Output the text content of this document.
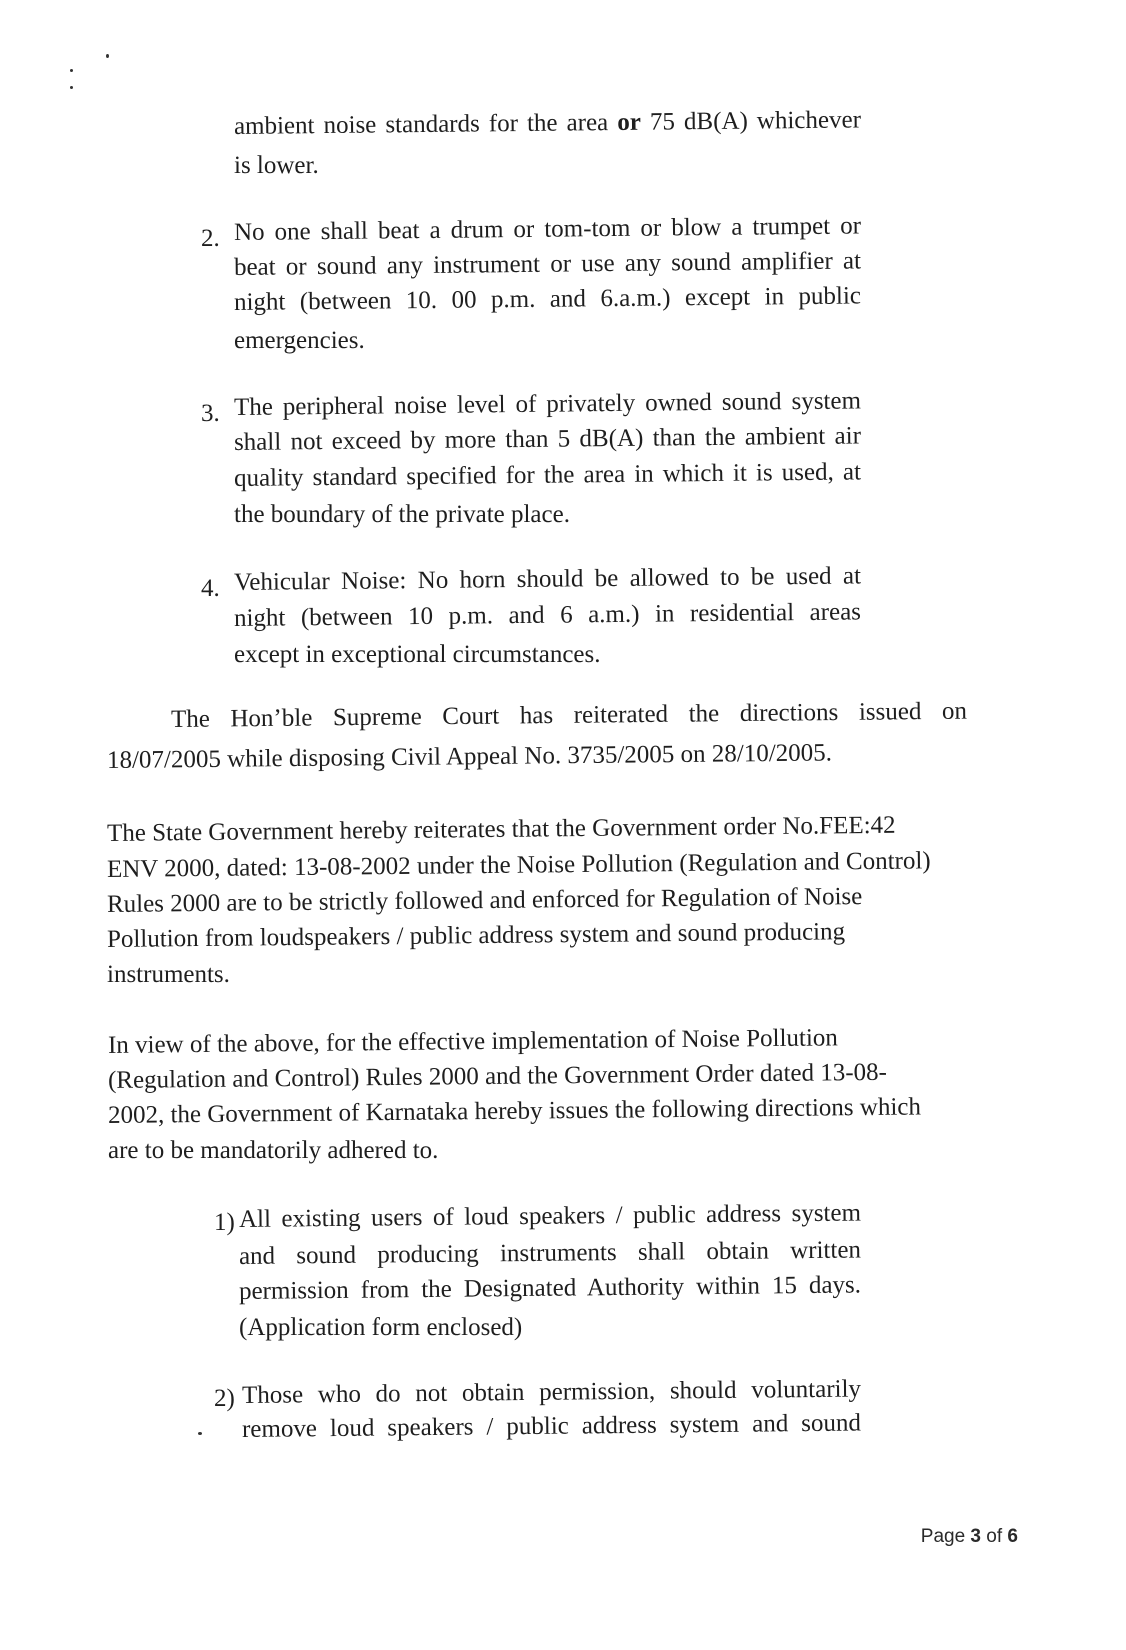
ambient noise standards for the area or 75 dB(A) whichever
is lower.
2. No one shall beat a drum or tom-tom or blow a trumpet or
beat or sound any instrument or use any sound amplifier at
night (between 10. 00 p.m. and 6.a.m.) except in public
emergencies.
3. The peripheral noise level of privately owned sound system
shall not exceed by more than 5 dB(A) than the ambient air
quality standard specified for the area in which it is used, at
the boundary of the private place.
4. Vehicular Noise: No horn should be allowed to be used at
night (between 10 p.m. and 6 a.m.) in residential areas
except in exceptional circumstances.
The Hon’ble Supreme Court has reiterated the directions issued on
18/07/2005 while disposing Civil Appeal No. 3735/2005 on 28/10/2005.
The State Government hereby reiterates that the Government order No.FEE:42
ENV 2000, dated: 13-08-2002 under the Noise Pollution (Regulation and Control)
Rules 2000 are to be strictly followed and enforced for Regulation of Noise
Pollution from loudspeakers / public address system and sound producing
instruments.
In view of the above, for the effective implementation of Noise Pollution
(Regulation and Control) Rules 2000 and the Government Order dated 13-08-
2002, the Government of Karnataka hereby issues the following directions which
are to be mandatorily adhered to.
1) All existing users of loud speakers / public address system
and sound producing instruments shall obtain written
permission from the Designated Authority within 15 days.
(Application form enclosed)
2) Those who do not obtain permission, should voluntarily
remove loud speakers / public address system and sound
Page 3 of 6
